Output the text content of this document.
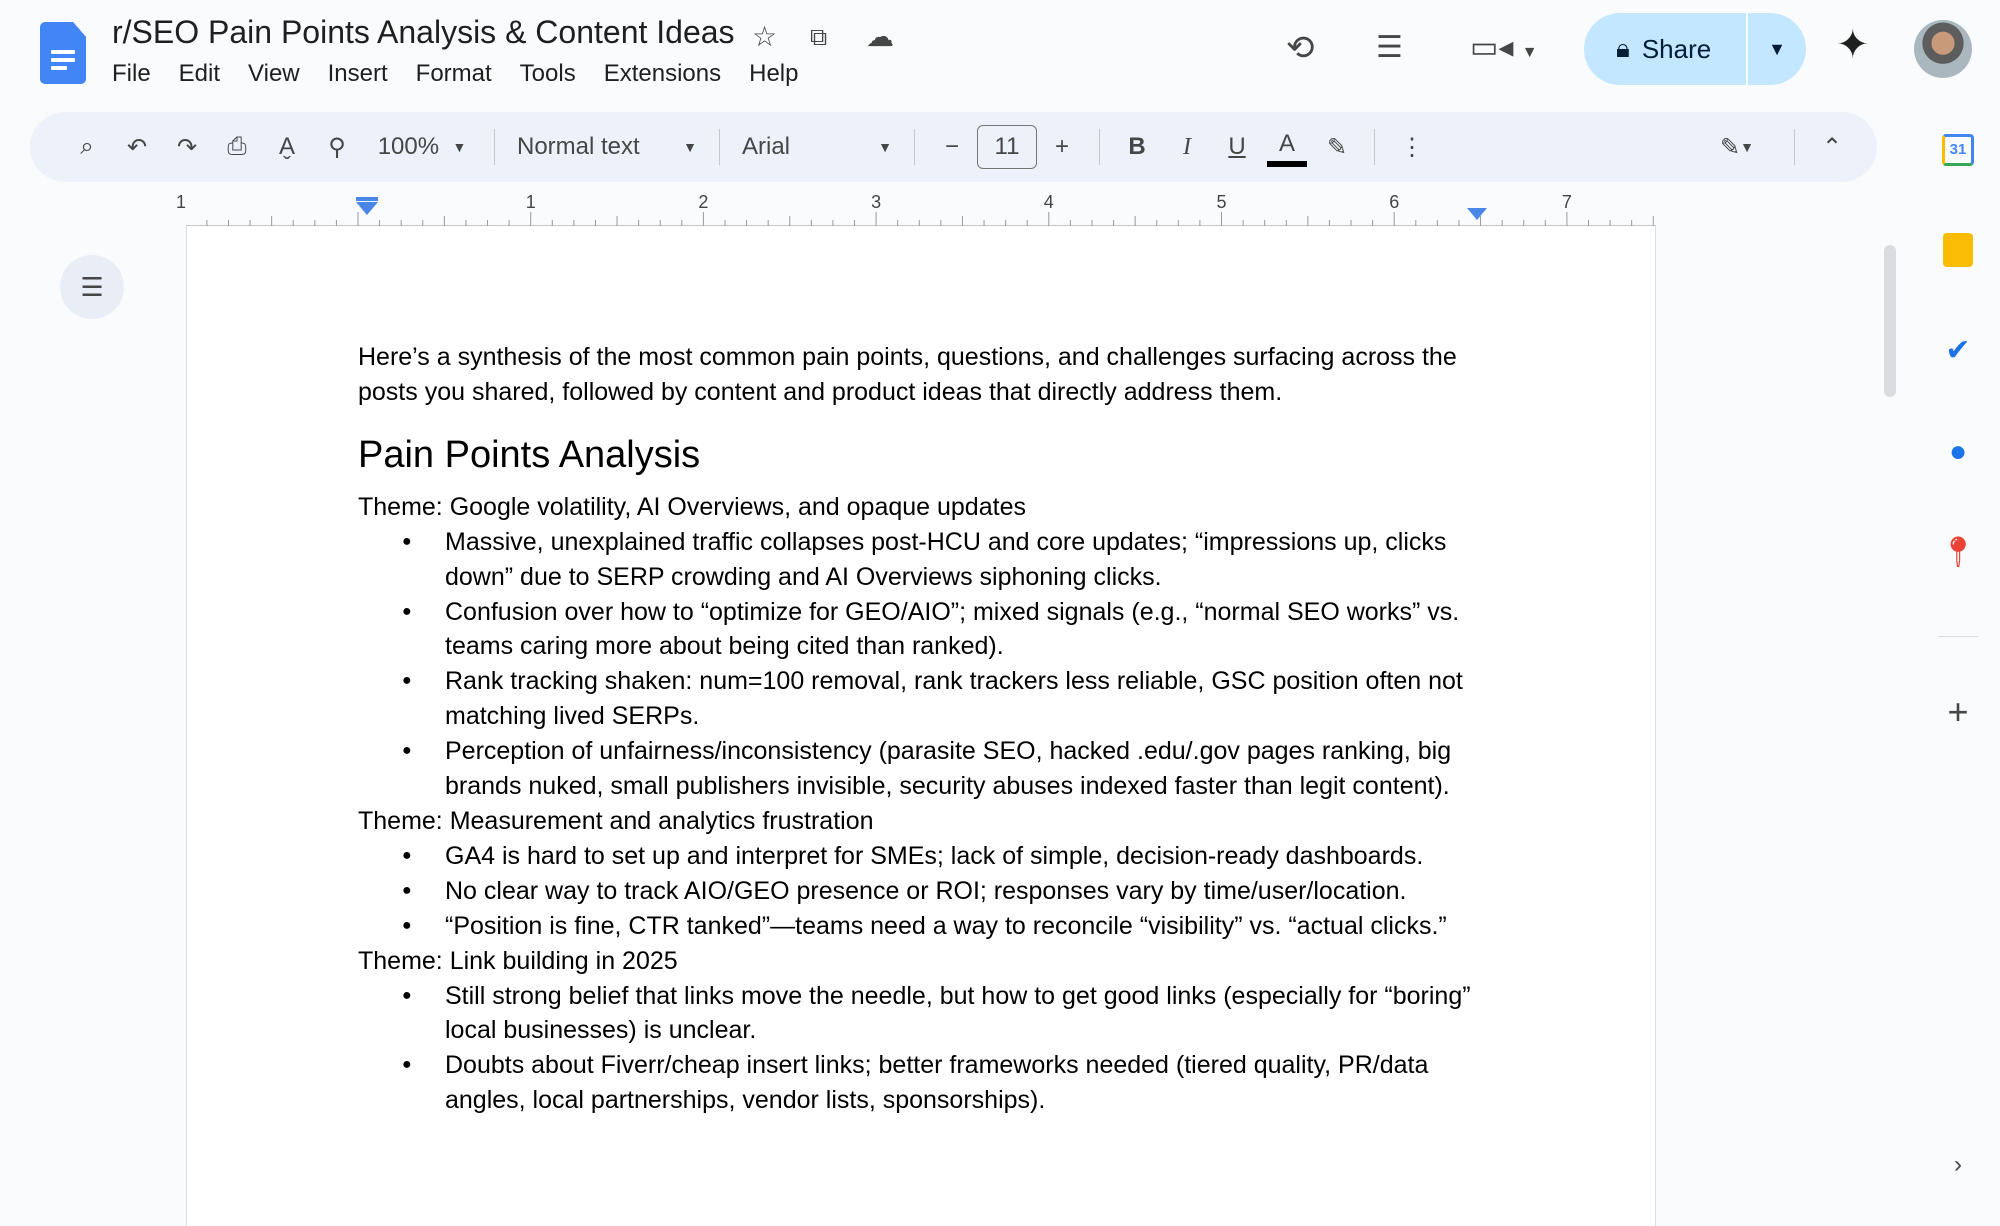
r/SEO Pain Points Analysis & Content Ideas ☆ ⧉ ☁
File	Edit	View	Insert	Format	Tools	Extensions	Help
⟲ ☰ ▭◂ ▼	🔒︎ Share	▼	✦
⌕	↶	↷	⎙	A̬	⚲	100%
▼ Normal text	▼ Arial	▼	−	11	+	B	I	U	A	✎	⋮	✎ ▼	⌃
1	2	3	4	5	6	7
1
☰

Here’s a synthesis of the most common pain points, questions, and challenges surfacing across the posts you shared, followed by content and product ideas that directly address them.

Pain Points Analysis

Theme: Google volatility, AI Overviews, and opaque updates

● Massive, unexplained traffic collapses post-HCU and core updates; “impressions up, clicks down” due to SERP crowding and AI Overviews siphoning clicks.
● Confusion over how to “optimize for GEO/AIO”; mixed signals (e.g., “normal SEO works” vs. teams caring more about being cited than ranked).
● Rank tracking shaken: num=100 removal, rank trackers less reliable, GSC position often not matching lived SERPs.
● Perception of unfairness/inconsistency (parasite SEO, hacked .edu/.gov pages ranking, big brands nuked, small publishers invisible, security abuses indexed faster than legit content).

Theme: Measurement and analytics frustration

● GA4 is hard to set up and interpret for SMEs; lack of simple, decision-ready dashboards.
● No clear way to track AIO/GEO presence or ROI; responses vary by time/user/location.
● “Position is fine, CTR tanked”—teams need a way to reconcile “visibility” vs. “actual clicks.”

Theme: Link building in 2025

● Still strong belief that links move the needle, but how to get good links (especially for “boring” local businesses) is unclear.
● Doubts about Fiverr/cheap insert links; better frameworks needed (tiered quality, PR/data angles, local partnerships, vendor lists, sponsorships).
31
✔
●
📍︎
+
›
